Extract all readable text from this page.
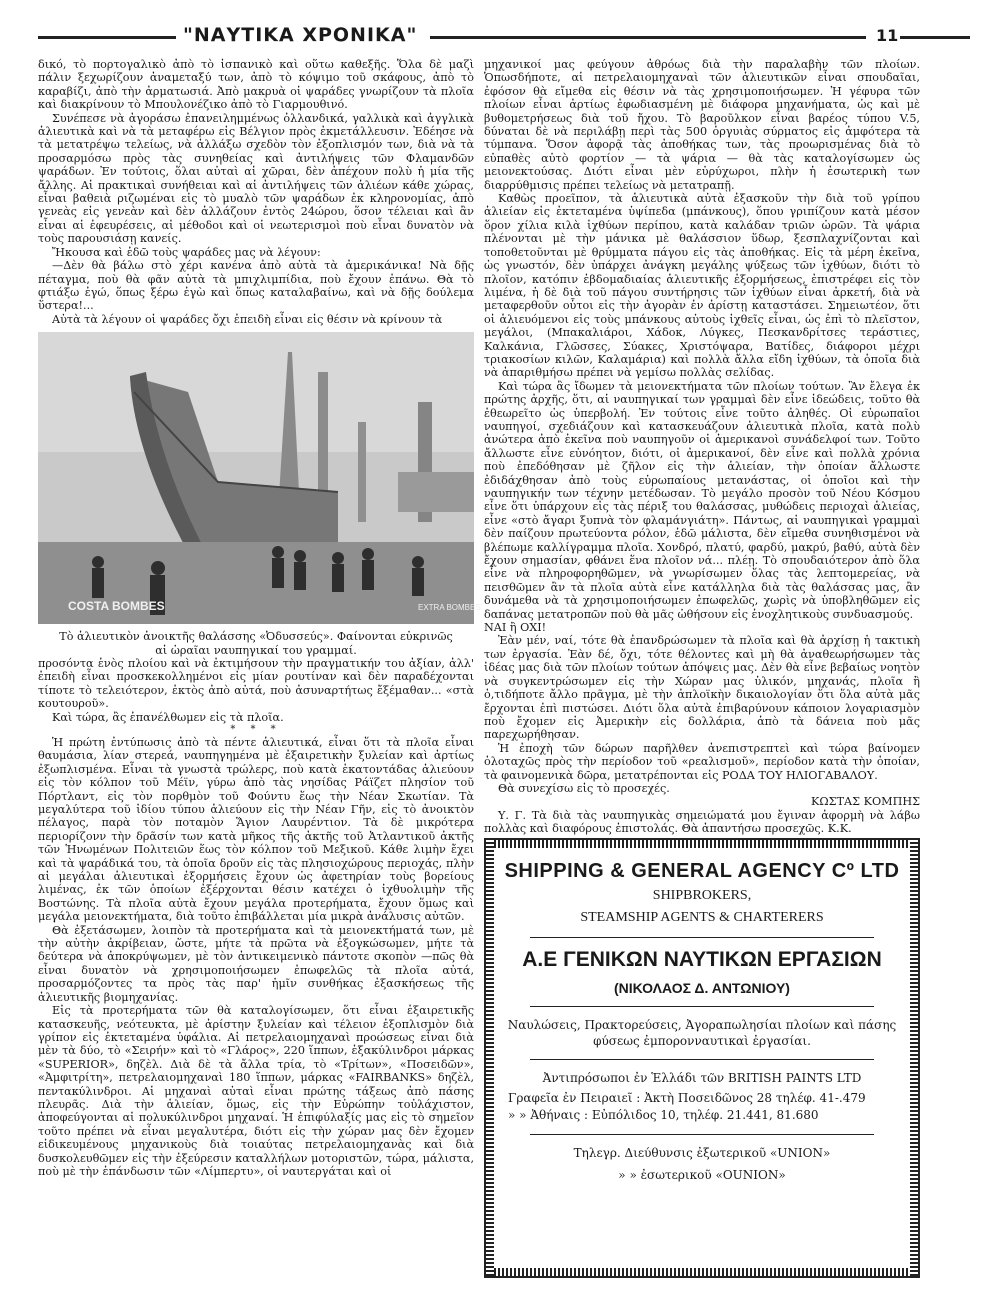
"ΝΑΥΤΙΚΑ ΧΡΟΝΙΚΑ"	11

δικό, τὸ πορτογαλικὸ ἀπὸ τὸ ἰσπανικὸ καὶ οὕτω καθεξῆς. Ὅλα δὲ μαζὶ πάλιν ξεχωρίζουν ἀναμεταξύ των, ἀπὸ τὸ κόψιμο τοῦ σκάφους, ἀπὸ τὸ καραβίζι, ἀπὸ τὴν ἀρματωσιά. Ἀπὸ μακρυὰ οἱ ψαράδες γνωρίζουν τὰ πλοῖα καὶ διακρίνουν τὸ Μπουλονέζικο ἀπὸ τὸ Γιαρμουθινό.

Συνέπεσε νὰ ἀγοράσω ἐπανειλημμένως ὀλλανδικά, γαλλικὰ καὶ ἀγγλικὰ ἁλιευτικὰ καὶ νὰ τὰ μεταφέρω εἰς Βέλγιον πρὸς ἐκμετάλλευσιν. Ἐδέησε νὰ τὰ μετατρέψω τελείως, νὰ ἀλλάξω σχεδὸν τὸν ἐξοπλισμόν των, διὰ νὰ τὰ προσαρμόσω πρὸς τὰς συνηθείας καὶ ἀντιλήψεις τῶν Φλαμανδῶν ψαράδων. Ἐν τούτοις, ὅλαι αὐταὶ αἱ χῶραι, δὲν ἀπέχουν πολὺ ἡ μία τῆς ἄλλης. Αἱ πρακτικαὶ συνήθειαι καὶ αἱ ἀντιλήψεις τῶν ἁλιέων κάθε χώρας, εἶναι βαθειὰ ριζωμέναι εἰς τὸ μυαλὸ τῶν ψαράδων ἐκ κληρονομίας, ἀπὸ γενεὰς εἰς γενεὰν καὶ δὲν ἀλλάζουν ἐντὸς 24ώρου, ὅσον τέλειαι καὶ ἂν εἶναι αἱ ἐφευρέσεις, αἱ μέθοδοι καὶ οἱ νεωτερισμοὶ ποὺ εἶναι δυνατὸν νὰ τοὺς παρουσιάσῃ κανείς.

Ἤκουσα καὶ ἐδῶ τοὺς ψαράδες μας νὰ λέγουν:

—Δὲν θὰ βάλω στὸ χέρι κανένα ἀπὸ αὐτὰ τὰ ἀμερικάνικα! Νὰ δῇς πέταγμα, ποὺ θὰ φᾶν αὐτὰ τὰ μπιχλιμπίδια, ποὺ ἔχουν ἐπάνω. Θὰ τὸ φτιάξω ἐγώ, ὅπως ξέρω ἐγὼ καὶ ὅπως καταλαβαίνω, καὶ νὰ δῇς δούλεμα ὕστερα!...

Αὐτὰ τὰ λέγουν οἱ ψαράδες ὄχι ἐπειδὴ εἶναι εἰς θέσιν νὰ κρίνουν τὰ

COSTA BOMBES	EXTRA BOMBES
Τὸ ἁλιευτικὸν ἀνοικτῆς θαλάσσης «Ὀδυσσεύς». Φαίνονται εὐκρινῶς
αἱ ὡραῖαι ναυπηγικαί του γραμμαί.

προσόντα ἑνὸς πλοίου καὶ νὰ ἐκτιμήσουν τὴν πραγματικήν του ἀξίαν, ἀλλ' ἐπειδὴ εἶναι προσκεκολλημένοι εἰς μίαν ρουτίναν καὶ δὲν παραδέχονται τίποτε τὸ τελειότερον, ἐκτὸς ἀπὸ αὐτά, ποὺ ἀσυναρτήτως ἔξέμαθαν... «στὰ κουτουροῦ».

Καὶ τώρα, ἂς ἐπανέλθωμεν εἰς τὰ πλοῖα.

* * *

Ἡ πρώτη ἐντύπωσις ἀπὸ τὰ πέντε ἁλιευτικά, εἶναι ὅτι τὰ πλοῖα εἶναι θαυμάσια, λίαν στερεά, ναυπηγημένα μὲ ἐξαιρετικὴν ξυλείαν καὶ ἀρτίως ἐξωπλισμένα. Εἶναι τὰ γνωστὰ τρώλερς, ποὺ κατὰ ἑκατοντάδας ἁλιεύουν εἰς τὸν κόλπον τοῦ Μέϊν, γύρω ἀπὸ τὰς νησίδας Ράϊζετ πλησίον τοῦ Πόρτλαντ, εἰς τὸν πορθμὸν τοῦ Φούντυ ἕως τὴν Νέαν Σκωτίαν. Τὰ μεγαλύτερα τοῦ ἰδίου τύπου ἁλιεύουν εἰς τὴν Νέαν Γῆν, εἰς τὸ ἀνοικτὸν πέλαγος, παρὰ τὸν ποταμὸν Ἅγιον Λαυρέντιον. Τὰ δὲ μικρότερα περιορίζονν τὴν δρᾶσίν των κατὰ μῆκος τῆς ἀκτῆς τοῦ Ἀτλαντικοῦ ἀκτῆς τῶν Ἡνωμένων Πολιτειῶν ἕως τὸν κόλπον τοῦ Μεξικοῦ. Κάθε λιμὴν ἔχει καὶ τὰ ψαράδικά του, τὰ ὁποῖα δροῦν εἰς τὰς πλησιοχώρους περιοχάς, πλὴν αἱ μεγάλαι ἁλιευτικαὶ ἐξορμήσεις ἔχουν ὡς ἀφετηρίαν τοὺς βορείους λιμένας, ἐκ τῶν ὁποίων ἐξέρχονται θέσιν κατέχει ὁ ἰχθυολιμὴν τῆς Βοστώνης. Τὰ πλοῖα αὐτὰ ἔχουν μεγάλα προτερήματα, ἔχουν ὅμως καὶ μεγάλα μειονεκτήματα, διὰ τοῦτο ἐπιβάλλεται μία μικρὰ ἀνάλυσις αὐτῶν.

Θὰ ἐξετάσωμεν, λοιπὸν τὰ προτερήματα καὶ τὰ μειονεκτήματά των, μὲ τὴν αὐτὴν ἀκρίβειαν, ὥστε, μήτε τὰ πρῶτα νὰ ἐξογκώσωμεν, μήτε τὰ δεύτερα νὰ ἀποκρύψωμεν, μὲ τὸν ἀντικειμενικὸ πάντοτε σκοπὸν —πῶς θὰ εἶναι δυνατὸν νὰ χρησιμοποιήσωμεν ἐπωφελῶς τὰ πλοῖα αὐτά, προσαρμόζοντες τα πρὸς τὰς παρ' ἡμῖν συνθήκας ἐξασκήσεως τῆς ἁλιευτικῆς βιομηχανίας.

Εἰς τὰ προτερήματα τῶν θὰ καταλογίσωμεν, ὅτι εἶναι ἐξαιρετικῆς κατασκευῆς, νεότευκτα, μὲ ἀρίστην ξυλείαν καὶ τέλειον ἐξοπλισμὸν διὰ γρίπον εἰς ἐκτεταμένα ὑφάλια. Αἱ πετρελαιομηχαναὶ προώσεως εἶναι διὰ μὲν τὰ δύο, τὸ «Σειρήν» καὶ τὸ «Γλάρος», 220 ἵππων, ἑξακύλινδροι μάρκας «SUPERIOR», δηζὲλ. Διὰ δὲ τὰ ἄλλα τρία, τὸ «Τρίτων», «Ποσειδῶν», «Ἀμφιτρίτη», πετρελαιομηχαναὶ 180 ἵππων, μάρκας «FAIRBANKS» δηζὲλ, πεντακύλινδροι. Αἱ μηχαναὶ αὐταὶ εἶναι πρώτης τάξεως ἀπὸ πάσης πλευρᾶς. Διὰ τὴν ἁλιείαν, ὅμως, εἰς τὴν Εὐρώπην τοὐλάχιστον, ἀποφεύγονται αἱ πολυκύλινδροι μηχαναί. Ἡ ἐπιφύλαξίς μας εἰς τὸ σημεῖον τοῦτο πρέπει νὰ εἶναι μεγαλυτέρα, διότι εἰς τὴν χώραν μας δὲν ἔχομεν εἰδικευμένους μηχανικοὺς διὰ τοιαύτας πετρελαιομηχανὰς καὶ διὰ δυσκολευθῶμεν εἰς τὴν ἐξεύρεσιν καταλλήλων μοτοριστῶν, τώρα, μάλιστα, ποὺ μὲ τὴν ἐπάνδωσιν τῶν «Λίμπερτυ», οἱ ναυτεργάται καὶ οἱ

μηχανικοί μας φεύγουν ἀθρόως διὰ τὴν παραλαβὴν τῶν πλοίων. Ὁπωσδήποτε, αἱ πετρελαιομηχαναὶ τῶν ἁλιευτικῶν εἶναι σπουδαῖαι, ἐφόσον θὰ εἴμεθα εἰς θέσιν νὰ τὰς χρησιμοποιήσωμεν. Ἡ γέφυρα τῶν πλοίων εἶναι ἀρτίως ἐφωδιασμένη μὲ διάφορα μηχανήματα, ὡς καὶ μὲ βυθομετρήσεως διὰ τοῦ ἤχου. Τὸ βαροῦλκον εἶναι βαρέος τύπου V.5, δύναται δὲ νὰ περιλάβῃ περὶ τὰς 500 ὀργυιὰς σύρματος εἰς ἀμφότερα τὰ τύμπανα. Ὅσον ἀφορᾷ τὰς ἀποθήκας των, τὰς προωρισμένας διὰ τὸ εὐπαθὲς αὐτὸ φορτίον — τὰ ψάρια — θὰ τὰς καταλογίσωμεν ὡς μειονεκτούσας. Διότι εἶναι μὲν εὐρύχωροι, πλὴν ἡ ἐσωτερικὴ των διαρρύθμισις πρέπει τελείως νὰ μετατραπῇ.

Καθὼς προεῖπον, τὰ ἁλιευτικὰ αὐτὰ ἐξασκοῦν τὴν διὰ τοῦ γρίπου ἁλιείαν εἰς ἐκτεταμένα ὑψίπεδα (μπάνκους), ὅπου γριπίζουν κατὰ μέσον ὅρον χίλια κιλὰ ἰχθύων περίπου, κατὰ καλάδαν τριῶν ὡρῶν. Τὰ ψάρια πλένονται μὲ τὴν μάνικα μὲ θαλάσσιον ὕδωρ, ξεσπλαχνίζονται καὶ τοποθετοῦνται μὲ θρύμματα πάγου εἰς τὰς ἀποθήκας. Εἰς τὰ μέρη ἐκεῖνα, ὡς γνωστόν, δὲν ὑπάρχει ἀνάγκη μεγάλης ψύξεως τῶν ἰχθύων, διότι τὸ πλοῖον, κατόπιν ἐβδομαδιαίας ἁλιευτικῆς ἐξορμήσεως, ἐπιστρέφει εἰς τὸν λιμένα, ἡ δὲ διὰ τοῦ πάγου συντήρησις τῶν ἰχθύων εἶναι ἀρκετή, διὰ νὰ μεταφερθοῦν οὗτοι εἰς τὴν ἀγορὰν ἐν ἀρίστῃ καταστάσει. Σημειωτέον, ὅτι οἱ ἁλιευόμενοι εἰς τοὺς μπάνκους αὐτοὺς ἰχθεῖς εἶναι, ὡς ἐπὶ τὸ πλεῖστον, μεγάλοι, (Μπακαλιάροι, Χάδοκ, Λύγκες, Πεσκανδρίτσες τεράστιες, Καλκάνια, Γλῶσσες, Σύακες, Χριστόψαρα, Βατίδες, διάφοροι μέχρι τριακοσίων κιλῶν, Καλαμάρια) καὶ πολλὰ ἄλλα εἴδη ἰχθύων, τὰ ὁποῖα διὰ νὰ ἀπαριθμήσω πρέπει νὰ γεμίσω πολλὰς σελίδας.

Καὶ τώρα ἂς ἴδωμεν τὰ μειονεκτήματα τῶν πλοίων τούτων. Ἂν ἔλεγα ἐκ πρώτης ἀρχῆς, ὅτι, αἱ ναυπηγικαί των γραμμαὶ δὲν εἶνε ἰδεώδεις, τοῦτο θὰ ἐθεωρεῖτο ὡς ὑπερβολή. Ἐν τούτοις εἶνε τοῦτο ἀληθές. Οἱ εὐρωπαῖοι ναυπηγοί, σχεδιάζουν καὶ κατασκευάζουν ἁλιευτικὰ πλοῖα, κατὰ πολὺ ἀνώτερα ἀπὸ ἐκεῖνα ποὺ ναυπηγοῦν οἱ ἀμερικανοὶ συνάδελφοί των. Τοῦτο ἄλλωστε εἶνε εὐνόητον, διότι, οἱ ἀμερικανοί, δὲν εἶνε καὶ πολλὰ χρόνια ποὺ ἐπεδόθησαν μὲ ζῆλον εἰς τὴν ἁλιείαν, τὴν ὁποίαν ἄλλωστε ἐδιδάχθησαν ἀπὸ τοὺς εὐρωπαίους μετανάστας, οἱ ὁποῖοι καὶ τὴν ναυπηγικήν των τέχνην μετέδωσαν. Τὸ μεγάλο προσὸν τοῦ Νέου Κόσμου εἶνε ὅτι ὑπάρχουν εἰς τὰς πέριξ του θαλάσσας, μυθώδεις περιοχαὶ ἁλιείας, εἶνε «στὸ ἄγαρι ξυπνὰ τὸν φλαμάνγιάτη». Πάντως, αἱ ναυπηγικαὶ γραμμαὶ δὲν παίζουν πρωτεύοντα ρόλον, ἐδῶ μάλιστα, δὲν εἴμεθα συνηθισμένοι νὰ βλέπωμε καλλίγραμμα πλοῖα. Χονδρό, πλατύ, φαρδύ, μακρύ, βαθύ, αὐτὰ δὲν ἔχουν σημασίαν, φθάνει ἕνα πλοῖον νά... πλέῃ. Τὸ σπουδαιότερον ἀπὸ ὅλα εἶνε νὰ πληροφορηθῶμεν, νὰ γνωρίσωμεν ὅλας τὰς λεπτομερείας, νὰ πεισθῶμεν ἂν τὰ πλοῖα αὐτὰ εἶνε κατάλληλα διὰ τὰς θαλάσσας μας, ἂν δυνάμεθα νὰ τὰ χρησιμοποιήσωμεν ἐπωφελῶς, χωρὶς νὰ ὑποβληθῶμεν εἰς δαπάνας μετατροπῶν ποὺ θὰ μᾶς ὠθήσουν εἰς ἐνοχλητικοὺς συνδυασμούς.

ΝΑΙ ἢ ΟΧΙ!

Ἐὰν μέν, ναί, τότε θὰ ἐπανδρώσωμεν τὰ πλοῖα καὶ θὰ ἀρχίσῃ ἡ τακτικὴ των ἐργασία. Ἐὰν δέ, ὄχι, τότε θέλοντες καὶ μὴ θὰ ἀναθεωρήσωμεν τὰς ἰδέας μας διὰ τῶν πλοίων τούτων ἀπόψεις μας. Δὲν θὰ εἶνε βεβαίως νοητὸν νὰ συγκεντρώσωμεν εἰς τὴν Χώραν μας ὑλικόν, μηχανάς, πλοῖα ἢ ὁ,τιδήποτε ἄλλο πρᾶγμα, μὲ τὴν ἀπλοϊκὴν δικαιολογίαν ὅτι ὅλα αὐτὰ μᾶς ἔρχονται ἐπὶ πιστώσει. Διότι ὅλα αὐτὰ ἐπιβαρύνουν κάποιον λογαριασμὸν ποὺ ἔχομεν εἰς Ἀμερικὴν εἰς δολλάρια, ἀπὸ τὰ δάνεια ποὺ μᾶς παρεχωρήθησαν.

Ἡ ἐποχὴ τῶν δώρων παρῆλθεν ἀνεπιστρεπτεὶ καὶ τώρα βαίνομεν ὁλοταχῶς πρὸς τὴν περίοδον τοῦ «ρεαλισμοῦ», περίοδον κατὰ τὴν ὁποίαν, τὰ φαινομενικὰ δῶρα, μετατρέπονται εἰς ΡΟΔΑ ΤΟΥ ΗΛΙΟΓΑΒΑΛΟΥ.

Θὰ συνεχίσω εἰς τὸ προσεχές.

ΚΩΣΤΑΣ ΚΟΜΠΗΣ

Υ. Γ. Τὰ διὰ τὰς ναυπηγικὰς σημειώματά μου ἔγιναν ἀφορμὴ νὰ λάβω πολλὰς καὶ διαφόρους ἐπιστολάς. Θὰ ἀπαντήσω προσεχῶς. Κ.Κ.

SHIPPING & GENERAL AGENCY Cº LTD
SHIPBROKERS,
STEAMSHIP AGENTS & CHARTERERS
Α.Ε ΓΕΝΙΚΩΝ ΝΑΥΤΙΚΩΝ ΕΡΓΑΣΙΩΝ
(ΝΙΚΟΛΑΟΣ Δ. ΑΝΤΩΝΙΟΥ)
Ναυλώσεις, Πρακτορεύσεις, Ἀγοραπωλησίαι πλοίων καὶ πάσης φύσεως ἐμπορονναυτικαὶ ἐργασίαι.
Ἀντιπρόσωποι ἐν Ἑλλάδι τῶν BRITISH PAINTS LTD
Γραφεῖα ἐν Πειραιεῖ : Ἀκτὴ Ποσειδῶνος 28 τηλέφ. 41-.479
» » Ἀθήναις : Εὐπόλιδος 10, τηλέφ. 21.441, 81.680
Τηλεγρ. Διεύθυνσις ἐξωτερικοῦ «UNION»
» » ἐσωτερικοῦ «OUNION»
